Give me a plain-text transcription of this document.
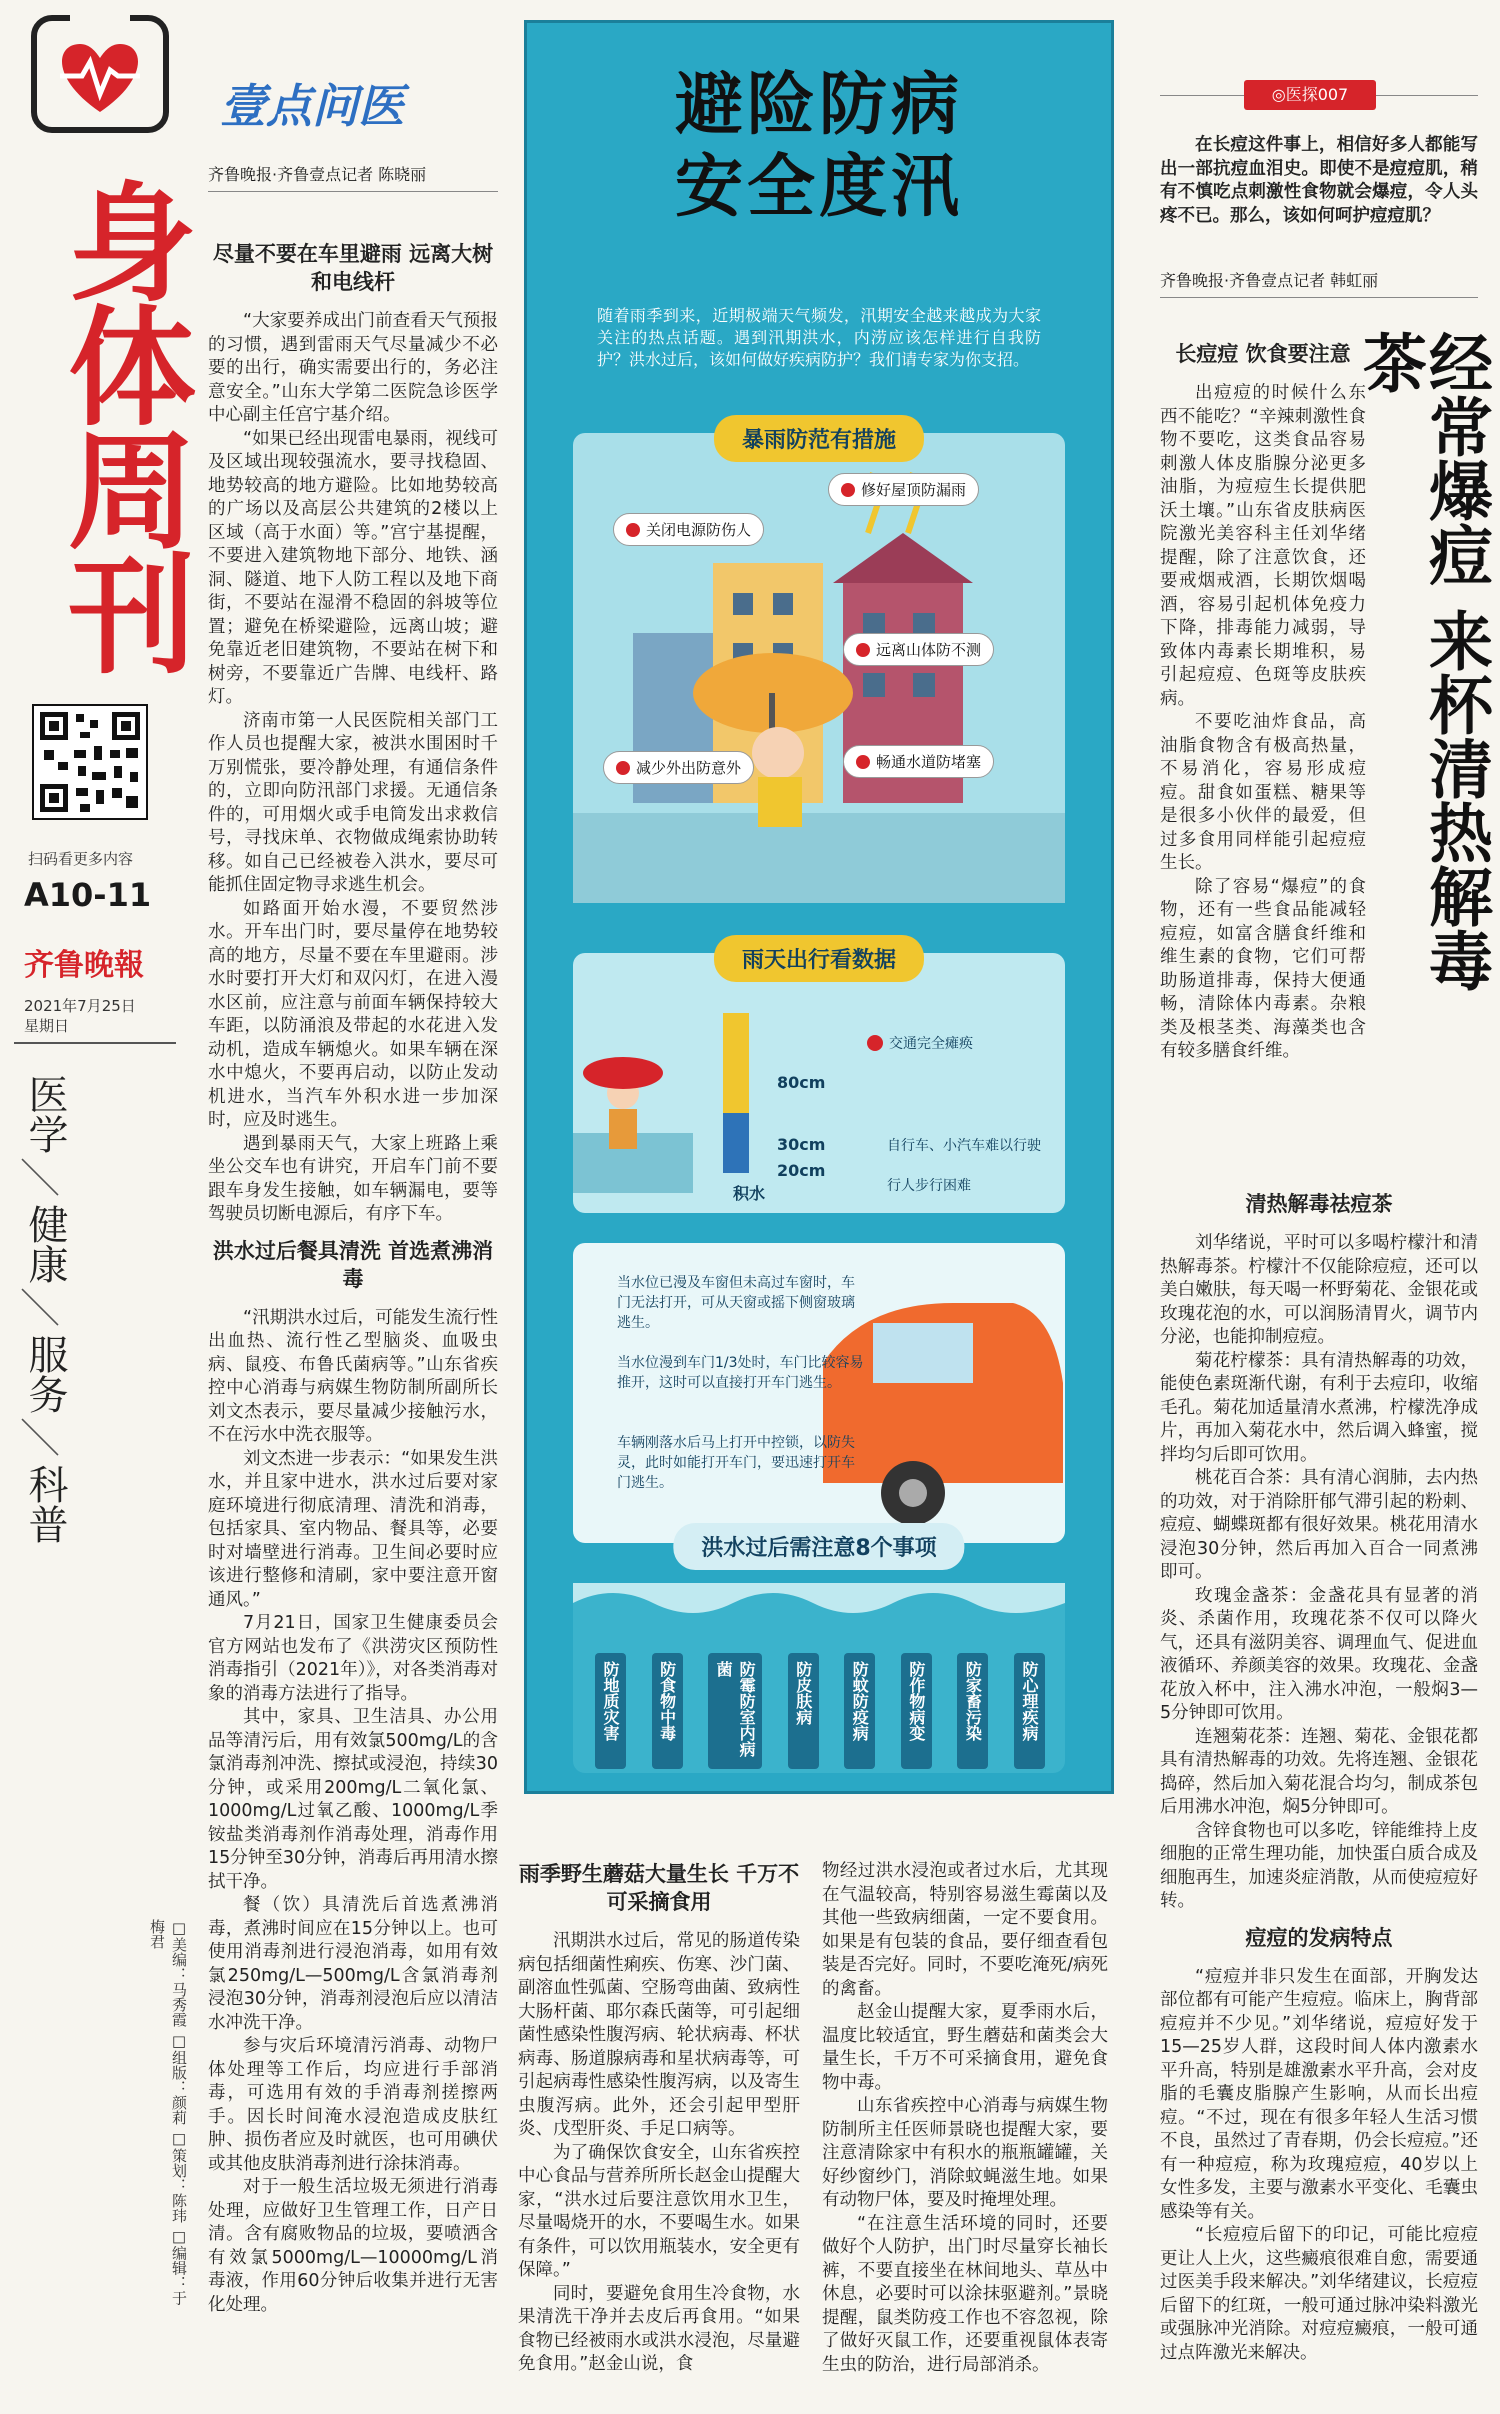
身体周刊
扫码看更多内容
A10-11
齐鲁晚報
2021年7月25日
星期日
医学
＼
健康
＼
服务
＼
科普
□美编：马秀霞 □组版：颜莉 □策划：陈玮 □编辑：于梅君
壹点问医
齐鲁晚报·齐鲁壹点记者 陈晓丽
尽量不要在车里避雨 远离大树和电线杆

“大家要养成出门前查看天气预报的习惯，遇到雷雨天气尽量减少不必要的出行，确实需要出行的，务必注意安全。”山东大学第二医院急诊医学中心副主任宫宁基介绍。

“如果已经出现雷电暴雨，视线可及区域出现较强流水，要寻找稳固、地势较高的地方避险。比如地势较高的广场以及高层公共建筑的2楼以上区域（高于水面）等。”宫宁基提醒，不要进入建筑物地下部分、地铁、涵洞、隧道、地下人防工程以及地下商街，不要站在湿滑不稳固的斜坡等位置；避免在桥梁避险，远离山坡；避免靠近老旧建筑物，不要站在树下和树旁，不要靠近广告牌、电线杆、路灯。

济南市第一人民医院相关部门工作人员也提醒大家，被洪水围困时千万别慌张，要冷静处理，有通信条件的，立即向防汛部门求援。无通信条件的，可用烟火或手电筒发出求救信号，寻找床单、衣物做成绳索协助转移。如自己已经被卷入洪水，要尽可能抓住固定物寻求逃生机会。

如路面开始水漫，不要贸然涉水。开车出门时，要尽量停在地势较高的地方，尽量不要在车里避雨。涉水时要打开大灯和双闪灯，在进入漫水区前，应注意与前面车辆保持较大车距，以防涌浪及带起的水花进入发动机，造成车辆熄火。如果车辆在深水中熄火，不要再启动，以防止发动机进水，当汽车外积水进一步加深时，应及时逃生。

遇到暴雨天气，大家上班路上乘坐公交车也有讲究，开启车门前不要跟车身发生接触，如车辆漏电，要等驾驶员切断电源后，有序下车。

洪水过后餐具清洗 首选煮沸消毒

“汛期洪水过后，可能发生流行性出血热、流行性乙型脑炎、血吸虫病、鼠疫、布鲁氏菌病等。”山东省疾控中心消毒与病媒生物防制所副所长刘文杰表示，要尽量减少接触污水，不在污水中洗衣服等。

刘文杰进一步表示：“如果发生洪水，并且家中进水，洪水过后要对家庭环境进行彻底清理、清洗和消毒，包括家具、室内物品、餐具等，必要时对墙壁进行消毒。卫生间必要时应该进行整修和清刷，家中要注意开窗通风。”

7月21日，国家卫生健康委员会官方网站也发布了《洪涝灾区预防性消毒指引（2021年）》，对各类消毒对象的消毒方法进行了指导。

其中，家具、卫生洁具、办公用品等清污后，用有效氯500mg/L的含氯消毒剂冲洗、擦拭或浸泡，持续30分钟，或采用200mg/L二氧化氯、1000mg/L过氧乙酸、1000mg/L季铵盐类消毒剂作消毒处理，消毒作用15分钟至30分钟，消毒后再用清水擦拭干净。

餐（饮）具清洗后首选煮沸消毒，煮沸时间应在15分钟以上。也可使用消毒剂进行浸泡消毒，如用有效氯250mg/L—500mg/L含氯消毒剂浸泡30分钟，消毒剂浸泡后应以清洁水冲洗干净。

参与灾后环境清污消毒、动物尸体处理等工作后，均应进行手部消毒，可选用有效的手消毒剂搓擦两手。因长时间淹水浸泡造成皮肤红肿、损伤者应及时就医，也可用碘伏或其他皮肤消毒剂进行涂抹消毒。

对于一般生活垃圾无须进行消毒处理，应做好卫生管理工作，日产日清。含有腐败物品的垃圾，要喷洒含有效氯5000mg/L—10000mg/L消毒液，作用60分钟后收集并进行无害化处理。

避险防病
安全度汛
随着雨季到来，近期极端天气频发，汛期安全越来越成为大家关注的热点话题。遇到汛期洪水，内涝应该怎样进行自我防护？洪水过后，该如何做好疾病防护？我们请专家为你支招。
修好屋顶防漏雨
关闭电源防伤人
远离山体防不测
减少外出防意外	畅通水道防堵塞
暴雨防范有措施
雨天出行看数据
80cm
30cm
20cm
积水
交通完全瘫痪
自行车、小汽车难以行驶
行人步行困难
当水位已漫及车窗但未高过车窗时，车门无法打开，可从天窗或摇下侧窗玻璃逃生。
当水位漫到车门1/3处时，车门比较容易推开，这时可以直接打开车门逃生。
车辆刚落水后马上打开中控锁，以防失灵，此时如能打开车门，要迅速打开车门逃生。
洪水过后需注意8个事项
防地质灾害	防食物中毒	防霉防室内病菌	防皮肤病	防蚊防疫病	防作物病变	防家畜污染	防心理疾病
雨季野生蘑菇大量生长 千万不可采摘食用

汛期洪水过后，常见的肠道传染病包括细菌性痢疾、伤寒、沙门菌、副溶血性弧菌、空肠弯曲菌、致病性大肠杆菌、耶尔森氏菌等，可引起细菌性感染性腹泻病、轮状病毒、杯状病毒、肠道腺病毒和星状病毒等，可引起病毒性感染性腹泻病，以及寄生虫腹泻病。此外，还会引起甲型肝炎、戊型肝炎、手足口病等。

为了确保饮食安全，山东省疾控中心食品与营养所所长赵金山提醒大家，“洪水过后要注意饮用水卫生，尽量喝烧开的水，不要喝生水。如果有条件，可以饮用瓶装水，安全更有保障。”

同时，要避免食用生冷食物，水果清洗干净并去皮后再食用。“如果食物已经被雨水或洪水浸泡，尽量避免食用。”赵金山说，食

物经过洪水浸泡或者过水后，尤其现在气温较高，特别容易滋生霉菌以及其他一些致病细菌，一定不要食用。如果是有包装的食品，要仔细查看包装是否完好。同时，不要吃淹死/病死的禽畜。

赵金山提醒大家，夏季雨水后，温度比较适宜，野生蘑菇和菌类会大量生长，千万不可采摘食用，避免食物中毒。

山东省疾控中心消毒与病媒生物防制所主任医师景晓也提醒大家，要注意清除家中有积水的瓶瓶罐罐，关好纱窗纱门，消除蚊蝇滋生地。如果有动物尸体，要及时掩埋处理。

“在注意生活环境的同时，还要做好个人防护，出门时尽量穿长袖长裤，不要直接坐在林间地头、草丛中休息，必要时可以涂抹驱避剂。”景晓提醒，鼠类防疫工作也不容忽视，除了做好灭鼠工作，还要重视鼠体表寄生虫的防治，进行局部消杀。

◎医探007

在长痘这件事上，相信好多人都能写出一部抗痘血泪史。即使不是痘痘肌，稍有不慎吃点刺激性食物就会爆痘，令人头疼不已。那么，该如何呵护痘痘肌？

齐鲁晚报·齐鲁壹点记者 韩虹丽
经常爆痘 来杯清热解毒茶
长痘痘 饮食要注意

出痘痘的时候什么东西不能吃？“辛辣刺激性食物不要吃，这类食品容易刺激人体皮脂腺分泌更多油脂，为痘痘生长提供肥沃土壤。”山东省皮肤病医院激光美容科主任刘华绪提醒，除了注意饮食，还要戒烟戒酒，长期饮烟喝酒，容易引起机体免疫力下降，排毒能力减弱，导致体内毒素长期堆积，易引起痘痘、色斑等皮肤疾病。

不要吃油炸食品，高油脂食物含有极高热量，不易消化，容易形成痘痘。甜食如蛋糕、糖果等是很多小伙伴的最爱，但过多食用同样能引起痘痘生长。

除了容易“爆痘”的食物，还有一些食品能减轻痘痘，如富含膳食纤维和维生素的食物，它们可帮助肠道排毒，保持大便通畅，清除体内毒素。杂粮类及根茎类、海藻类也含有较多膳食纤维。

清热解毒祛痘茶

刘华绪说，平时可以多喝柠檬汁和清热解毒茶。柠檬汁不仅能除痘痘，还可以美白嫩肤，每天喝一杯野菊花、金银花或玫瑰花泡的水，可以润肠清胃火，调节内分泌，也能抑制痘痘。

菊花柠檬茶：具有清热解毒的功效，能使色素斑渐代谢，有利于去痘印，收缩毛孔。菊花加适量清水煮沸，柠檬洗净成片，再加入菊花水中，然后调入蜂蜜，搅拌均匀后即可饮用。

桃花百合茶：具有清心润肺，去内热的功效，对于消除肝郁气滞引起的粉刺、痘痘、蝴蝶斑都有很好效果。桃花用清水浸泡30分钟，然后再加入百合一同煮沸即可。

玫瑰金盏茶：金盏花具有显著的消炎、杀菌作用，玫瑰花茶不仅可以降火气，还具有滋阴美容、调理血气、促进血液循环、养颜美容的效果。玫瑰花、金盏花放入杯中，注入沸水冲泡，一般焖3—5分钟即可饮用。

连翘菊花茶：连翘、菊花、金银花都具有清热解毒的功效。先将连翘、金银花捣碎，然后加入菊花混合均匀，制成茶包后用沸水冲泡，焖5分钟即可。

含锌食物也可以多吃，锌能维持上皮细胞的正常生理功能，加快蛋白质合成及细胞再生，加速炎症消散，从而使痘痘好转。

痘痘的发病特点

“痘痘并非只发生在面部，开胸发达部位都有可能产生痘痘。临床上，胸背部痘痘并不少见。”刘华绪说，痘痘好发于15—25岁人群，这段时间人体内激素水平升高，特别是雄激素水平升高，会对皮脂的毛囊皮脂腺产生影响，从而长出痘痘。“不过，现在有很多年轻人生活习惯不良，虽然过了青春期，仍会长痘痘。”还有一种痘痘，称为玫瑰痘痘，40岁以上女性多发，主要与激素水平变化、毛囊虫感染等有关。

“长痘痘后留下的印记，可能比痘痘更让人上火，这些癜痕很难自愈，需要通过医美手段来解决。”刘华绪建议，长痘痘后留下的红斑，一般可通过脉冲染料激光或强脉冲光消除。对痘痘癜痕，一般可通过点阵激光来解决。
